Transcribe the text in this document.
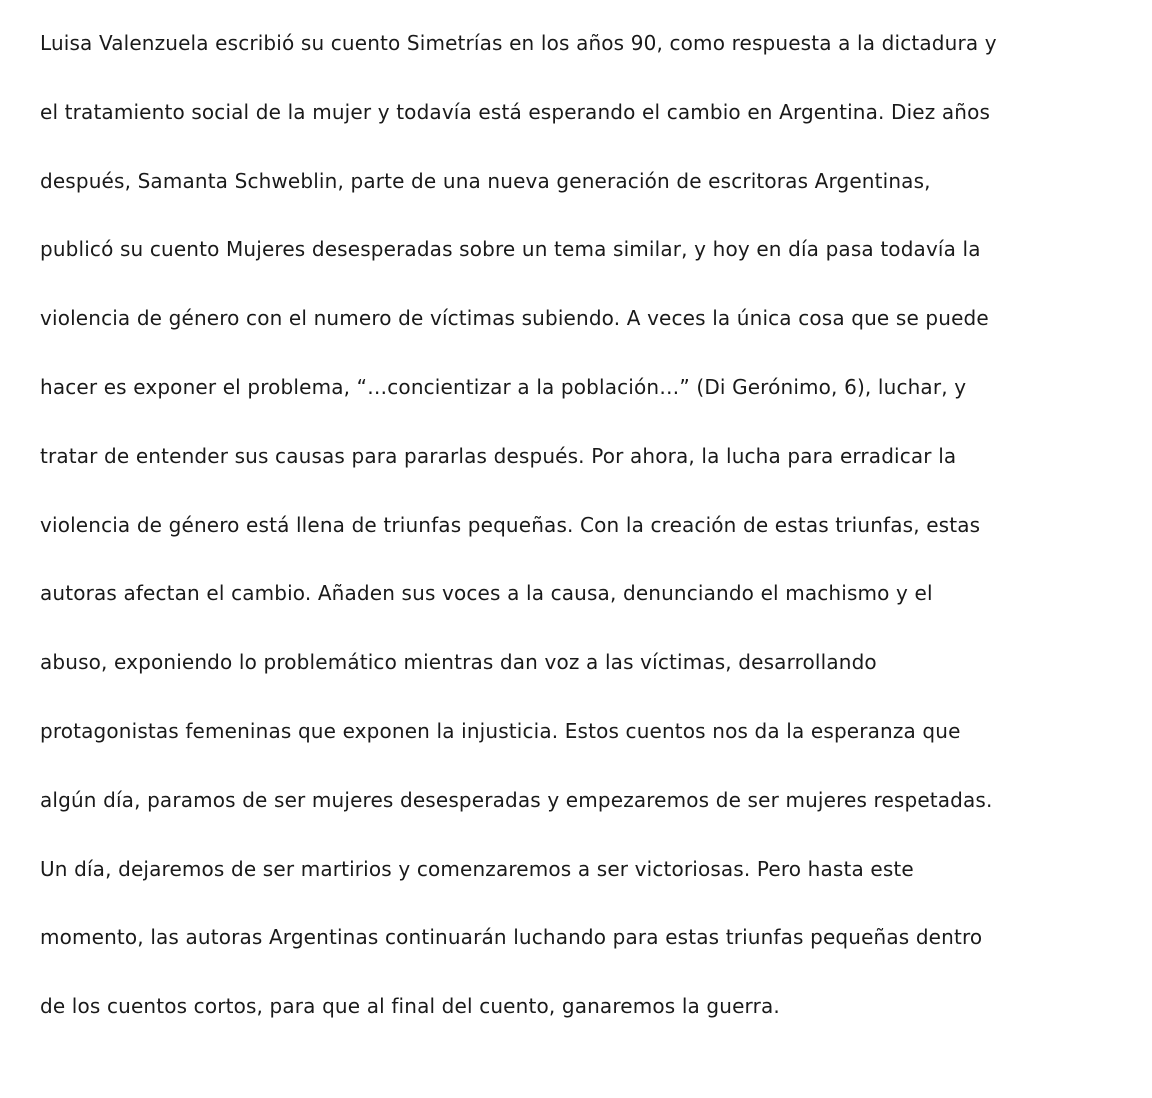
Luisa Valenzuela escribió su cuento Simetrías en los años 90, como respuesta a la dictadura y
el tratamiento social de la mujer y todavía está esperando el cambio en Argentina. Diez años
después, Samanta Schweblin, parte de una nueva generación de escritoras Argentinas,
publicó su cuento Mujeres desesperadas sobre un tema similar, y hoy en día pasa todavía la
violencia de género con el numero de víctimas subiendo. A veces la única cosa que se puede
hacer es exponer el problema, “…concientizar a la población…” (Di Gerónimo, 6), luchar, y
tratar de entender sus causas para pararlas después. Por ahora, la lucha para erradicar la
violencia de género está llena de triunfas pequeñas. Con la creación de estas triunfas, estas
autoras afectan el cambio. Añaden sus voces a la causa, denunciando el machismo y el
abuso, exponiendo lo problemático mientras dan voz a las víctimas, desarrollando
protagonistas femeninas que exponen la injusticia. Estos cuentos nos da la esperanza que
algún día, paramos de ser mujeres desesperadas y empezaremos de ser mujeres respetadas.
Un día, dejaremos de ser martirios y comenzaremos a ser victoriosas. Pero hasta este
momento, las autoras Argentinas continuarán luchando para estas triunfas pequeñas dentro
de los cuentos cortos, para que al final del cuento, ganaremos la guerra.
